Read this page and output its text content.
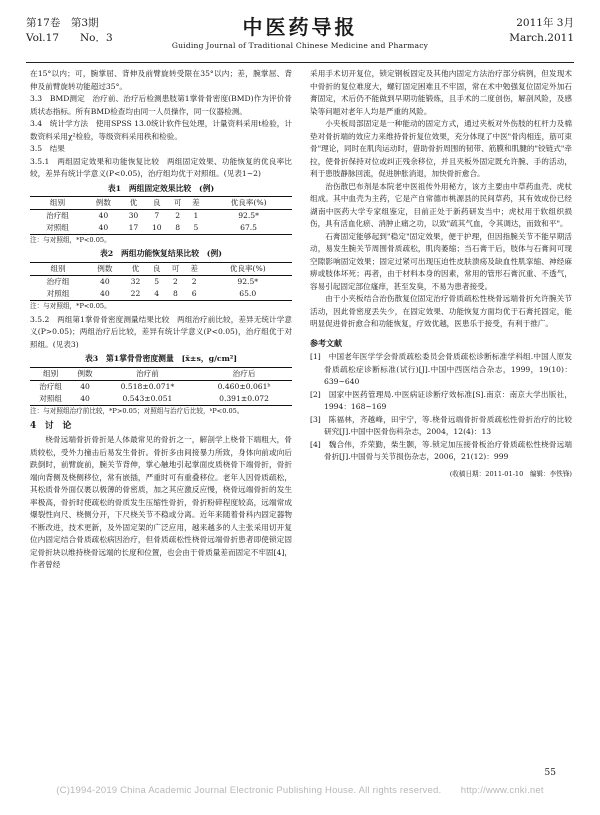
第17卷　第3期
Vol.17　　No．3	中医药导报
Guiding Journal of Traditional Chinese Medicine and Pharmacy
2011年 3月
March.2011

在15°以内；可，腕掌屈、背伸及前臂旋转受限在35°以内；差，腕掌屈、背伸及前臂旋转功能超过35°。

3.3　BMD测定　治疗前、治疗后检测患肢第1掌骨骨密度(BMD)作为评价骨质状态指标。所有BMD检查均由同一人员操作，同一仪器检测。

3.4　统计学方法　使用SPSS 13.0统计软件包处理，计量资料采用t检验，计数资料采用χ²检验，等级资料采用秩和检验。

3.5　结果

3.5.1　两组固定效果和功能恢复比较　两组固定效果、功能恢复的优良率比较，差异有统计学意义(P<0.05)，治疗组均优于对照组。(见表1~2)

表1　两组固定效果比较　(例)
组别	例数	优	良	可	差	优良率(%)
治疗组	40	30	7	2	1	92.5*
对照组	40	17	10	8	5	67.5
注：与对照组，*P<0.05。
表2　两组功能恢复结果比较　(例)
组别	例数	优	良	可	差	优良率(%)
治疗组	40	32	5	2	2	92.5*
对照组	40	22	4	8	6	65.0
注：与对照组，*P<0.05。

3.5.2　两组第1掌骨骨密度测量结果比较　两组治疗前比较，差异无统计学意义(P>0.05)；两组治疗后比较，差异有统计学意义(P<0.05)，治疗组优于对照组。(见表3)

表3　第1掌骨骨密度测量　[x̄±s，g/cm²]
组别	例数	治疗前	治疗后
治疗组	40	0.518±0.071*	0.460±0.061ᵇ
对照组	40	0.543±0.051	0.391±0.072
注：与对照组治疗前比较，*P>0.05；对照组与治疗后比较，ᵇP<0.05。
4　讨　论

桡骨远端骨折骨折是人体最常见的骨折之一，解剖学上桡骨下端粗大，骨质较松，受外力撞击后易发生骨折。骨折多由间接暴力所致，身体向前或向后跌倒时，前臂旋前，腕关节背伸，掌心触地引起掌面皮质桡骨下端骨折，骨折端向背侧及桡侧移位，常有嵌插，严重时可有重叠移位。老年人因骨质疏松，其松质骨外面仅裹以极薄的骨密质，加之其应激反应慢，桡骨远端骨折的发生率极高，骨折时使疏松的骨质发生压缩性骨折，骨折粉碎程度较高，远端常成爆裂性向尺、桡侧分开，下尺桡关节不稳或分离。近年来随着骨科内固定器物不断改进，技术更新，及外固定架的广泛应用，越来越多的人主张采用切开复位内固定结合骨质疏松病因治疗，但骨质疏松性桡骨远端骨折患者即使锁定固定骨折块以维持桡骨远端的长度和位置，也会由于骨质量差而固定不牢固[4]，作者曾经

采用手术切开复位，锁定钢板固定及其他内固定方法治疗部分病例，但发现术中骨折的复位难度大，螺钉固定困难且不牢固，常在术中勉强复位固定外加石膏固定，术后仍不能做到早期功能锻炼，且手术的二度创伤，解剖风险，及感染等问题对老年人均是严重的风险。

小夹板局部固定是一种能动的固定方式，通过夹板对外伤肢的杠杆力及棉垫对骨折端的效应力来维持骨折复位效果，充分体现了中医"骨肉相连，筋可束骨"理论，同时在肌肉运动时，借助骨折周围的韧带、筋膜和肌腱的"铰链式"牵拉，使骨折保持对位或纠正残余移位，并且夹板外固定既允许腕、手的活动，利于患肢静脉回流，促进肿胀消退，加快骨折愈合。

治伤散巴布剂是本院老中医祖传外用秘方，该方主要由中草药血壳、虎杖组成。其中血壳为主药，它是产自常德市桃源县的民间草药，其有效成份已经湖南中医药大学专家组鉴定，目前正处于新药研发当中；虎杖用于软组织损伤，具有活血化瘀、消肿止痛之功，以致"疏其气血，令其调达，而致和平"。

石膏固定能够起到"稳定"固定效果，便于护理，但因指腕关节不能早期活动，易发生腕关节周围骨质疏松，肌肉萎缩；当石膏干后，肢体与石膏间可现空隙影响固定效果；固定过紧可出现压迫性皮肤溃疡及缺血性肌挛缩、神经麻痹或肢体坏死；再者，由于材料本身的因素，常用的管形石膏沉重、不透气，容易引起固定部位瘙痒，甚至发臭，不易为患者接受。

由于小夹板结合治伤散复位固定治疗骨质疏松性桡骨远端骨折允许腕关节活动，因此骨密度丢失少，在固定效果、功能恢复方面均优于石膏托固定，能明显促进骨折愈合和功能恢复，疗效优越，医患乐于接受，有利于推广。

参考文献

[1]　中国老年医学学会骨质疏松委员会骨质疏松诊断标准学科组.中国人原发骨质疏松症诊断标准(试行)[J].中国中西医结合杂志，1999，19(10)：639~640

[2]　国家中医药管理局.中医病证诊断疗效标准[S].南京：南京大学出版社，1994：168~169

[3]　陈福林，齐越峰，田宇宁，等.桡骨远端骨折骨质疏松性骨折治疗的比较研究[J].中国中医骨伤科杂志，2004，12(4)：13

[4]　魏合伟，乔荣勤，柴生颢，等.锁定加压接骨板治疗骨质疏松性桡骨远端骨折[J].中国骨与关节损伤杂志，2006，21(12)：999

(收稿日期：2011-01-10　编辑：李铁锋)
55
(C)1994-2019 China Academic Journal Electronic Publishing House. All rights reserved.　　http://www.cnki.net
